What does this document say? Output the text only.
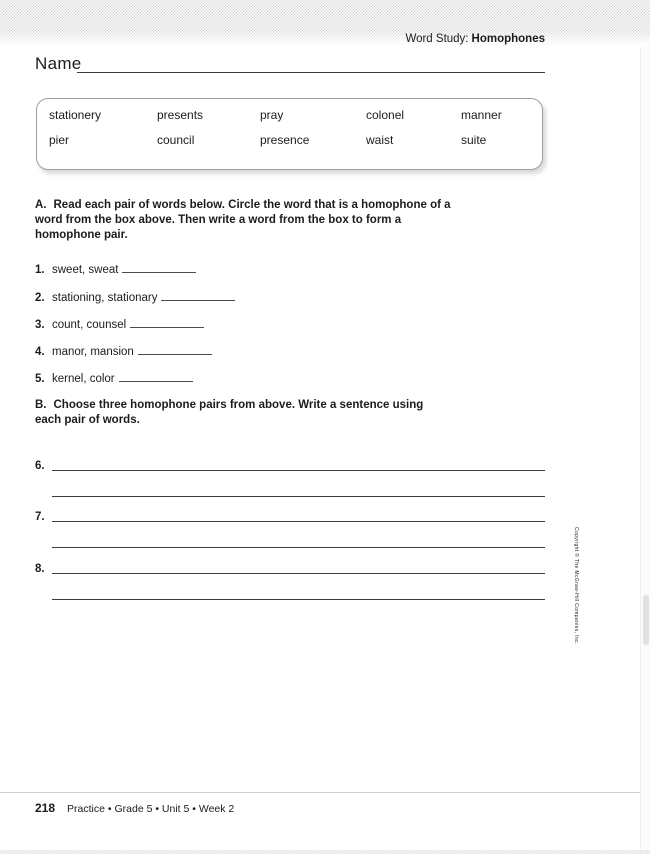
Word Study: Homophones
Name
stationery	presents	pray	colonel	manner
pier	council	presence	waist	suite
A. Read each pair of words below. Circle the word that is a homophone of a
word from the box above. Then write a word from the box to form a
homophone pair.
1. sweet, sweat
2. stationing, stationary
3. count, counsel
4. manor, mansion
5. kernel, color
B. Choose three homophone pairs from above. Write a sentence using
each pair of words.
6.
7.
8.	Copyright © The McGraw-Hill Companies, Inc.
218 Practice • Grade 5 • Unit 5 • Week 2
